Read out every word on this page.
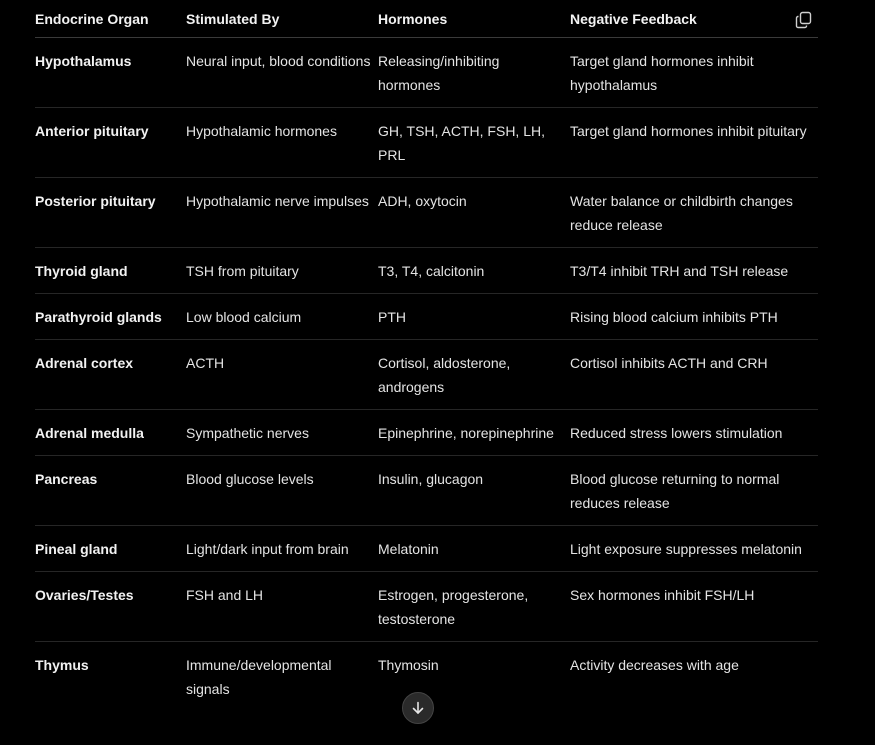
Endocrine Organ	Stimulated By	Hormones	Negative Feedback
Hypothalamus	Neural input, blood conditions	Releasing/inhibiting hormones	Target gland hormones inhibit hypothalamus
Anterior pituitary	Hypothalamic hormones	GH, TSH, ACTH, FSH, LH, PRL	Target gland hormones inhibit pituitary
Posterior pituitary	Hypothalamic nerve impulses	ADH, oxytocin	Water balance or childbirth changes reduce release
Thyroid gland	TSH from pituitary	T3, T4, calcitonin	T3/T4 inhibit TRH and TSH release
Parathyroid glands	Low blood calcium	PTH	Rising blood calcium inhibits PTH
Adrenal cortex	ACTH	Cortisol, aldosterone, androgens	Cortisol inhibits ACTH and CRH
Adrenal medulla	Sympathetic nerves	Epinephrine, norepinephrine	Reduced stress lowers stimulation
Pancreas	Blood glucose levels	Insulin, glucagon	Blood glucose returning to normal reduces release
Pineal gland	Light/dark input from brain	Melatonin	Light exposure suppresses melatonin
Ovaries/Testes	FSH and LH	Estrogen, progesterone, testosterone	Sex hormones inhibit FSH/LH
Thymus	Immune/developmental signals	Thymosin	Activity decreases with age
